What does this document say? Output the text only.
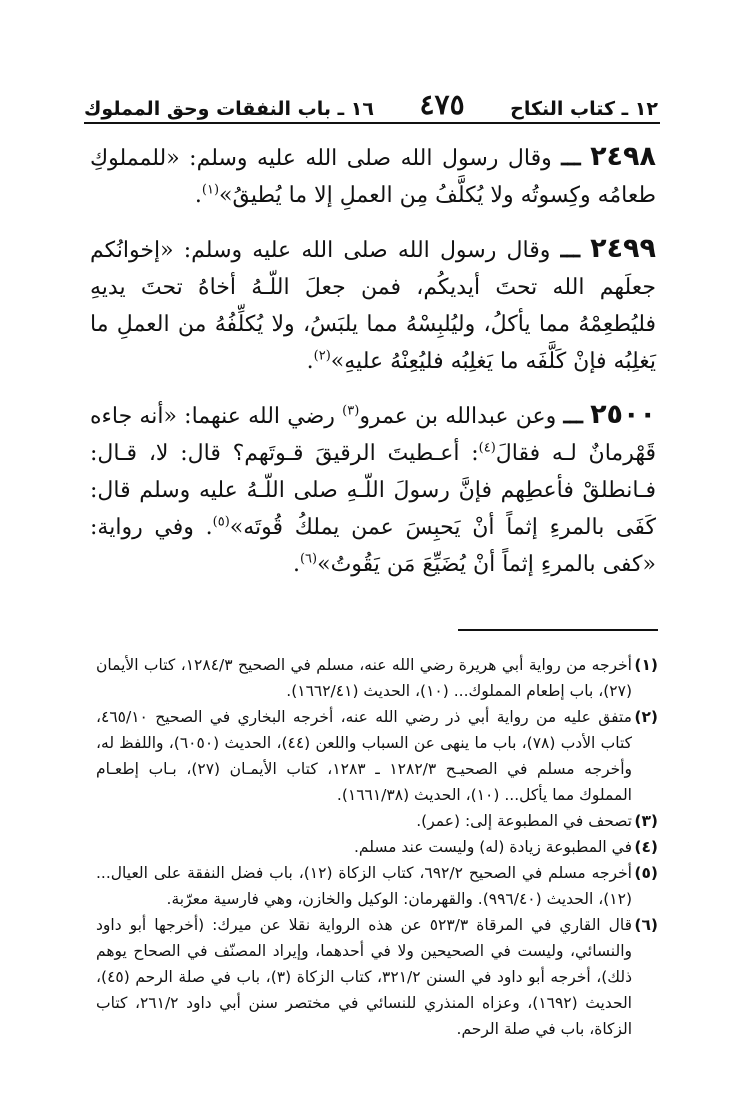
١٢ ـ كتاب النكاح
٤٧٥
١٦ ـ باب النفقات وحق المملوك

٢٤٩٨ ـــ وقال رسول الله صلى الله عليه وسلم: «للمملوكِ طعامُه وكِسوتُه ولا يُكلَّفُ مِن العملِ إلا ما يُطيقُ»$^{(١)}$.

٢٤٩٩ ـــ وقال رسول الله صلى الله عليه وسلم: «إخوانُكم جعلَهم الله تحتَ أيديكُم، فمن جعلَ اللّـهُ أخاهُ تحتَ يديهِ فليُطعِمْهُ مما يأكلُ، وليُلبِسْهُ مما يلبَسُ، ولا يُكلِّفُهُ من العملِ ما يَغلِبُه فإنْ كَلَّفَه ما يَغلِبُه فليُعِنْهُ عليهِ»$^{(٢)}$.

٢٥٠٠ ـــ وعن عبدالله بن عمرو$^{(٣)}$ رضي الله عنهما: «أنه جاءه قَهْرمانٌ لـه فقالَ$^{(٤)}$: أعـطيتَ الرقيقَ قـوتَهم؟ قال: لا، قـال: فـانطلقْ فأعطِهم فإنَّ رسولَ اللّـهِ صلى اللّـهُ عليه وسلم قال: كَفَى بالمرءِ إثماً أنْ يَحبِسَ عمن يملكُ قُوتَه»$^{(٥)}$. وفي رواية: «كفى بالمرءِ إثماً أنْ يُضَيِّعَ مَن يَقُوتُ»$^{(٦)}$.

(١)
أخرجه من رواية أبي هريرة رضي الله عنه، مسلم في الصحيح ١٢٨٤/٣، كتاب الأيمان (٢٧)، باب إطعام المملوك... (١٠)، الحديث (١٦٦٢/٤١).
(٢)
متفق عليه من رواية أبي ذر رضي الله عنه، أخرجه البخاري في الصحيح ٤٦٥/١٠، كتاب الأدب (٧٨)، باب ما ينهى عن السباب واللعن (٤٤)، الحديث (٦٠٥٠)، واللفظ له، وأخرجه مسلم في الصحيـح ١٢٨٢/٣ ـ ١٢٨٣، كتاب الأيمـان (٢٧)، بـاب إطعـام المملوك مما يأكل... (١٠)، الحديث (١٦٦١/٣٨).
(٣)
تصحف في المطبوعة إلى: (عمر).
(٤)
في المطبوعة زيادة (له) وليست عند مسلم.
(٥)
أخرجه مسلم في الصحيح ٦٩٢/٢، كتاب الزكاة (١٢)، باب فضل النفقة على العيال... (١٢)، الحديث (٩٩٦/٤٠). والقهرمان: الوكيل والخازن، وهي فارسية معرّبة.
(٦)
قال القاري في المرقاة ٥٢٣/٣ عن هذه الرواية نقلا عن ميرك: (أخرجها أبو داود والنسائي، وليست في الصحيحين ولا في أحدهما، وإيراد المصنّف في الصحاح يوهم ذلك)، أخرجه أبو داود في السنن ٣٢١/٢، كتاب الزكاة (٣)، باب في صلة الرحم (٤٥)، الحديث (١٦٩٢)، وعزاه المنذري للنسائي في مختصر سنن أبي داود ٢٦١/٢، كتاب الزكاة، باب في صلة الرحم.
